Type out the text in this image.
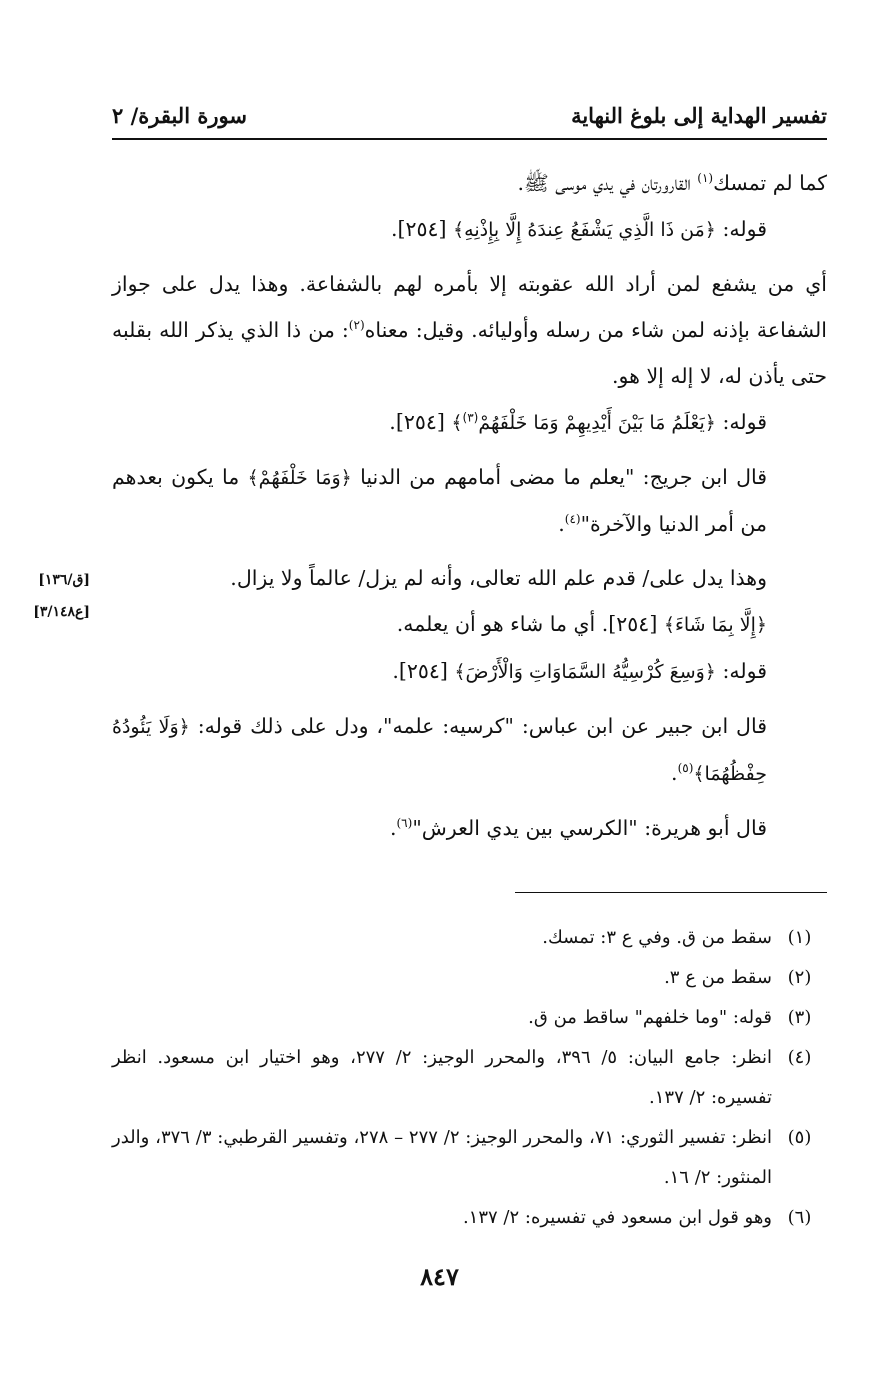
تفسير الهداية إلى بلوغ النهاية
سورة البقرة/ ٢

كما لم تمسك$^{(١)}$ القارورتان في يدي موسى ﷺ.

قوله: ﴿مَن ذَا الَّذِي يَشْفَعُ عِندَهُ إِلَّا بِإِذْنِهِ﴾ [٢٥٤].

أي من يشفع لمن أراد الله عقوبته إلا بأمره لهم بالشفاعة. وهذا يدل على جواز الشفاعة بإذنه لمن شاء من رسله وأوليائه. وقيل: معناه$^{(٢)}$: من ذا الذي يذكر الله بقلبه حتى يأذن له، لا إله إلا هو.

قوله: ﴿يَعْلَمُ مَا بَيْنَ أَيْدِيهِمْ وَمَا خَلْفَهُمْ$^{(٣)}$﴾ [٢٥٤].

قال ابن جريج: "يعلم ما مضى أمامهم من الدنيا ﴿وَمَا خَلْفَهُمْ﴾ ما يكون بعدهم من أمر الدنيا والآخرة"$^{(٤)}$.

وهذا يدل على/ قدم علم الله تعالى، وأنه لم يزل/ عالماً ولا يزال.

﴿إِلَّا بِمَا شَاءَ﴾ [٢٥٤]. أي ما شاء هو أن يعلمه.

قوله: ﴿وَسِعَ كُرْسِيُّهُ السَّمَاوَاتِ وَالْأَرْضَ﴾ [٢٥٤].

قال ابن جبير عن ابن عباس: "كرسيه: علمه"، ودل على ذلك قوله: ﴿وَلَا يَئُودُهُ حِفْظُهُمَا﴾$^{(٥)}$.

قال أبو هريرة: "الكرسي بين يدي العرش"$^{(٦)}$.

[ق/١٣٦]
[ع٣/١٤٨]
(١)
سقط من ق. وفي ع ٣: تمسك.
(٢)
سقط من ع ٣.
(٣)
قوله: "وما خلفهم" ساقط من ق.
(٤)
انظر: جامع البيان: ٥/ ٣٩٦، والمحرر الوجيز: ٢/ ٢٧٧، وهو اختيار ابن مسعود. انظر تفسيره: ٢/ ١٣٧.
(٥)
انظر: تفسير الثوري: ٧١، والمحرر الوجيز: ٢/ ٢٧٧ – ٢٧٨، وتفسير القرطبي: ٣/ ٣٧٦، والدر المنثور: ٢/ ١٦.
(٦)
وهو قول ابن مسعود في تفسيره: ٢/ ١٣٧.
٨٤٧
